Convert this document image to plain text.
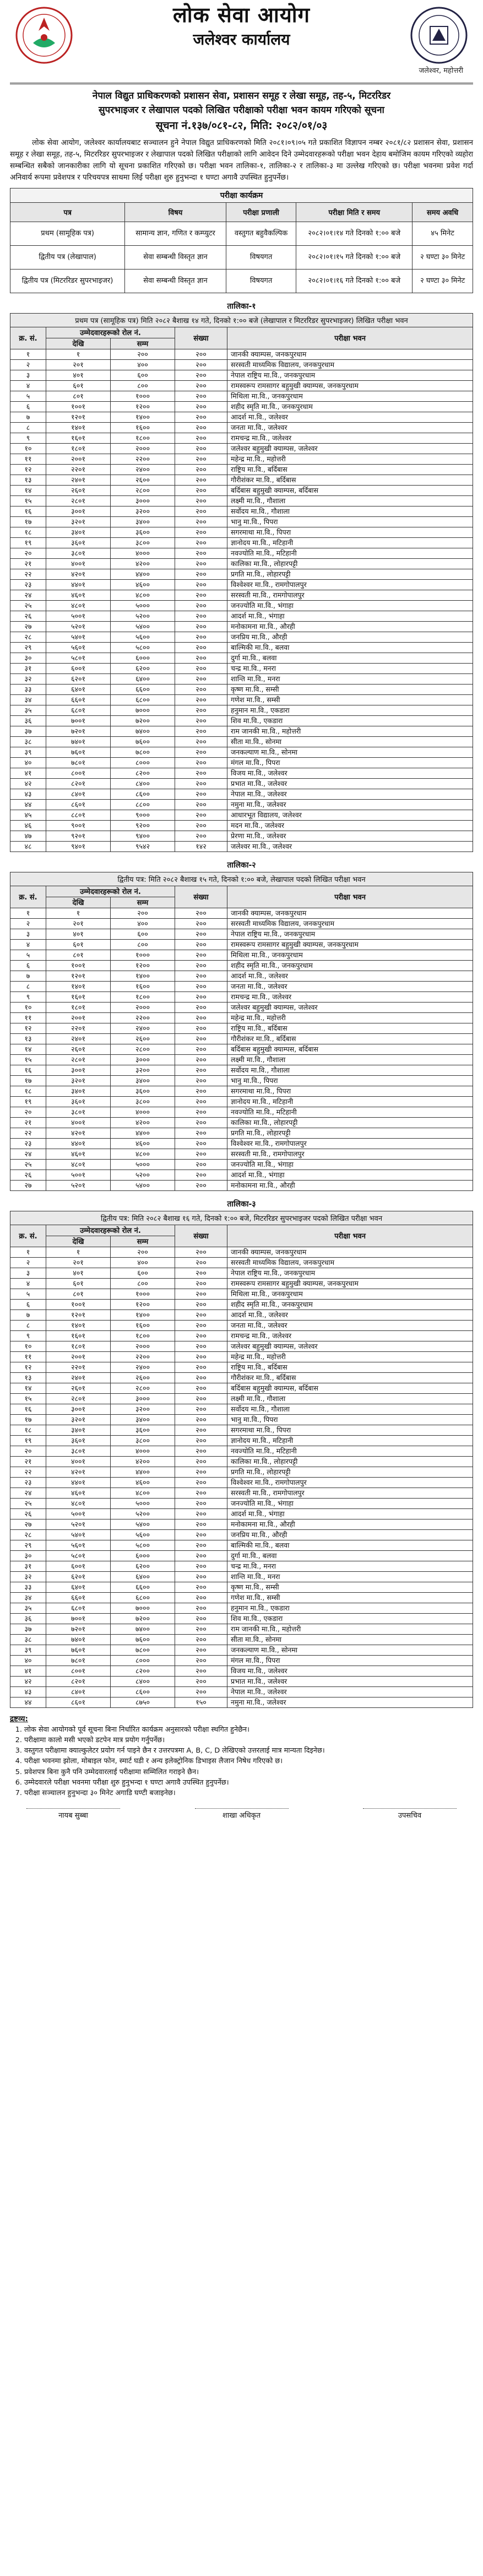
लोक सेवा आयोग
जलेश्वर कार्यालय
जलेश्वर, महोत्तरी
नेपाल विद्युत प्राधिकरणको प्रशासन सेवा, प्रशासन समूह र लेखा समूह, तह-५, मिटररिडर
सुपरभाइजर र लेखापाल पदको लिखित परीक्षाको परीक्षा भवन कायम गरिएको सूचना
सूचना नं.१३७/०८१-८२, मिति: २०८२/०१/०३

लोक सेवा आयोग, जलेश्वर कार्यालयबाट सञ्चालन हुने नेपाल विद्युत प्राधिकरणको मिति २०८१।०९।०५ गते प्रकाशित विज्ञापन नम्बर २०८१/८२ प्रशासन सेवा, प्रशासन समूह र लेखा समूह, तह-५, मिटररिडर सुपरभाइजर र लेखापाल पदको लिखित परीक्षाको लागि आवेदन दिने उम्मेदवारहरूको परीक्षा भवन देहाय बमोजिम कायम गरिएको व्यहोरा सम्बन्धित सबैको जानकारीका लागि यो सूचना प्रकाशित गरिएको छ। परीक्षा भवन तालिका-१, तालिका-२ र तालिका-३ मा उल्लेख गरिएको छ। परीक्षा भवनमा प्रवेश गर्दा अनिवार्य रूपमा प्रवेशपत्र र परिचयपत्र साथमा लिई परीक्षा शुरु हुनुभन्दा १ घण्टा अगावै उपस्थित हुनुपर्नेछ।

परीक्षा कार्यक्रम
पत्र	विषय	परीक्षा प्रणाली	परीक्षा मिति र समय	समय अवधि
प्रथम (सामूहिक पत्र)	सामान्य ज्ञान, गणित र कम्प्युटर	वस्तुगत बहुवैकल्पिक	२०८२।०१।१४ गते दिनको १:०० बजे	४५ मिनेट
द्वितीय पत्र (लेखापाल)	सेवा सम्बन्धी विस्तृत ज्ञान	विषयगत	२०८२।०१।१५ गते दिनको १:०० बजे	२ घण्टा ३० मिनेट
द्वितीय पत्र (मिटररिडर सुपरभाइजर)	सेवा सम्बन्धी विस्तृत ज्ञान	विषयगत	२०८२।०१।१६ गते दिनको १:०० बजे	२ घण्टा ३० मिनेट
तालिका-१
प्रथम पत्र (सामूहिक पत्र) मिति २०८२ बैशाख १४ गते, दिनको १:०० बजे (लेखापाल र मिटररिडर सुपरभाइजर) लिखित परीक्षा भवन
क्र. सं.	उम्मेदवारहरूको रोल नं.		संख्या	परीक्षा भवन
	देखि	सम्म		
१	१	२००	२००	जानकी क्याम्पस, जनकपुरधाम
२	२०१	४००	२००	सरस्वती माध्यमिक विद्यालय, जनकपुरधाम
३	४०१	६००	२००	नेपाल राष्ट्रिय मा.वि., जनकपुरधाम
४	६०१	८००	२००	रामस्वरूप रामसागर बहुमुखी क्याम्पस, जनकपुरधाम
५	८०१	१०००	२००	मिथिला मा.वि., जनकपुरधाम
६	१००१	१२००	२००	शहीद स्मृति मा.वि., जनकपुरधाम
७	१२०१	१४००	२००	आदर्श मा.वि., जलेश्वर
८	१४०१	१६००	२००	जनता मा.वि., जलेश्वर
९	१६०१	१८००	२००	रामचन्द्र मा.वि., जलेश्वर
१०	१८०१	२०००	२००	जलेश्वर बहुमुखी क्याम्पस, जलेश्वर
११	२००१	२२००	२००	महेन्द्र मा.वि., महोत्तरी
१२	२२०१	२४००	२००	राष्ट्रिय मा.वि., बर्दिबास
१३	२४०१	२६००	२००	गौरीशंकर मा.वि., बर्दिबास
१४	२६०१	२८००	२००	बर्दिबास बहुमुखी क्याम्पस, बर्दिबास
१५	२८०१	३०००	२००	लक्ष्मी मा.वि., गौशाला
१६	३००१	३२००	२००	सर्वोदय मा.वि., गौशाला
१७	३२०१	३४००	२००	भानु मा.वि., पिपरा
१८	३४०१	३६००	२००	सगरमाथा मा.वि., पिपरा
१९	३६०१	३८००	२००	ज्ञानोदय मा.वि., मटिहानी
२०	३८०१	४०००	२००	नवज्योति मा.वि., मटिहानी
२१	४००१	४२००	२००	कालिका मा.वि., लोहारपट्टी
२२	४२०१	४४००	२००	प्रगति मा.वि., लोहारपट्टी
२३	४४०१	४६००	२००	विश्वेश्वर मा.वि., रामगोपालपुर
२४	४६०१	४८००	२००	सरस्वती मा.वि., रामगोपालपुर
२५	४८०१	५०००	२००	जनज्योति मा.वि., भंगाहा
२६	५००१	५२००	२००	आदर्श मा.वि., भंगाहा
२७	५२०१	५४००	२००	मनोकामना मा.वि., औरही
२८	५४०१	५६००	२००	जनप्रिय मा.वि., औरही
२९	५६०१	५८००	२००	बाल्मिकी मा.वि., बलवा
३०	५८०१	६०००	२००	दुर्गा मा.वि., बलवा
३१	६००१	६२००	२००	चन्द्र मा.वि., मनरा
३२	६२०१	६४००	२००	शान्ति मा.वि., मनरा
३३	६४०१	६६००	२००	कृष्ण मा.वि., सम्सी
३४	६६०१	६८००	२००	गणेश मा.वि., सम्सी
३५	६८०१	७०००	२००	हनुमान मा.वि., एकडारा
३६	७००१	७२००	२००	शिव मा.वि., एकडारा
३७	७२०१	७४००	२००	राम जानकी मा.वि., महोत्तरी
३८	७४०१	७६००	२००	सीता मा.वि., सोनमा
३९	७६०१	७८००	२००	जनकल्याण मा.वि., सोनमा
४०	७८०१	८०००	२००	मंगल मा.वि., पिपरा
४१	८००१	८२००	२००	विजय मा.वि., जलेश्वर
४२	८२०१	८४००	२००	प्रभात मा.वि., जलेश्वर
४३	८४०१	८६००	२००	नेपाल मा.वि., जलेश्वर
४४	८६०१	८८००	२००	नमुना मा.वि., जलेश्वर
४५	८८०१	९०००	२००	आधारभूत विद्यालय, जलेश्वर
४६	९००१	९२००	२००	मदन मा.वि., जलेश्वर
४७	९२०१	९४००	२००	प्रेरणा मा.वि., जलेश्वर
४८	९४०१	९५४२	१४२	जलेश्वर मा.वि., जलेश्वर
तालिका-२
द्वितीय पत्र: मिति २०८२ बैशाख १५ गते, दिनको १:०० बजे, लेखापाल पदको लिखित परीक्षा भवन
क्र. सं.	उम्मेदवारहरूको रोल नं.		संख्या	परीक्षा भवन
	देखि	सम्म		
१	१	२००	२००	जानकी क्याम्पस, जनकपुरधाम
२	२०१	४००	२००	सरस्वती माध्यमिक विद्यालय, जनकपुरधाम
३	४०१	६००	२००	नेपाल राष्ट्रिय मा.वि., जनकपुरधाम
४	६०१	८००	२००	रामस्वरूप रामसागर बहुमुखी क्याम्पस, जनकपुरधाम
५	८०१	१०००	२००	मिथिला मा.वि., जनकपुरधाम
६	१००१	१२००	२००	शहीद स्मृति मा.वि., जनकपुरधाम
७	१२०१	१४००	२००	आदर्श मा.वि., जलेश्वर
८	१४०१	१६००	२००	जनता मा.वि., जलेश्वर
९	१६०१	१८००	२००	रामचन्द्र मा.वि., जलेश्वर
१०	१८०१	२०००	२००	जलेश्वर बहुमुखी क्याम्पस, जलेश्वर
११	२००१	२२००	२००	महेन्द्र मा.वि., महोत्तरी
१२	२२०१	२४००	२००	राष्ट्रिय मा.वि., बर्दिबास
१३	२४०१	२६००	२००	गौरीशंकर मा.वि., बर्दिबास
१४	२६०१	२८००	२००	बर्दिबास बहुमुखी क्याम्पस, बर्दिबास
१५	२८०१	३०००	२००	लक्ष्मी मा.वि., गौशाला
१६	३००१	३२००	२००	सर्वोदय मा.वि., गौशाला
१७	३२०१	३४००	२००	भानु मा.वि., पिपरा
१८	३४०१	३६००	२००	सगरमाथा मा.वि., पिपरा
१९	३६०१	३८००	२००	ज्ञानोदय मा.वि., मटिहानी
२०	३८०१	४०००	२००	नवज्योति मा.वि., मटिहानी
२१	४००१	४२००	२००	कालिका मा.वि., लोहारपट्टी
२२	४२०१	४४००	२००	प्रगति मा.वि., लोहारपट्टी
२३	४४०१	४६००	२००	विश्वेश्वर मा.वि., रामगोपालपुर
२४	४६०१	४८००	२००	सरस्वती मा.वि., रामगोपालपुर
२५	४८०१	५०००	२००	जनज्योति मा.वि., भंगाहा
२६	५००१	५२००	२००	आदर्श मा.वि., भंगाहा
२७	५२०१	५४००	२००	मनोकामना मा.वि., औरही
तालिका-३
द्वितीय पत्र: मिति २०८२ बैशाख १६ गते, दिनको १:०० बजे, मिटररिडर सुपरभाइजर पदको लिखित परीक्षा भवन
क्र. सं.	उम्मेदवारहरूको रोल नं.		संख्या	परीक्षा भवन
	देखि	सम्म		
१	१	२००	२००	जानकी क्याम्पस, जनकपुरधाम
२	२०१	४००	२००	सरस्वती माध्यमिक विद्यालय, जनकपुरधाम
३	४०१	६००	२००	नेपाल राष्ट्रिय मा.वि., जनकपुरधाम
४	६०१	८००	२००	रामस्वरूप रामसागर बहुमुखी क्याम्पस, जनकपुरधाम
५	८०१	१०००	२००	मिथिला मा.वि., जनकपुरधाम
६	१००१	१२००	२००	शहीद स्मृति मा.वि., जनकपुरधाम
७	१२०१	१४००	२००	आदर्श मा.वि., जलेश्वर
८	१४०१	१६००	२००	जनता मा.वि., जलेश्वर
९	१६०१	१८००	२००	रामचन्द्र मा.वि., जलेश्वर
१०	१८०१	२०००	२००	जलेश्वर बहुमुखी क्याम्पस, जलेश्वर
११	२००१	२२००	२००	महेन्द्र मा.वि., महोत्तरी
१२	२२०१	२४००	२००	राष्ट्रिय मा.वि., बर्दिबास
१३	२४०१	२६००	२००	गौरीशंकर मा.वि., बर्दिबास
१४	२६०१	२८००	२००	बर्दिबास बहुमुखी क्याम्पस, बर्दिबास
१५	२८०१	३०००	२००	लक्ष्मी मा.वि., गौशाला
१६	३००१	३२००	२००	सर्वोदय मा.वि., गौशाला
१७	३२०१	३४००	२००	भानु मा.वि., पिपरा
१८	३४०१	३६००	२००	सगरमाथा मा.वि., पिपरा
१९	३६०१	३८००	२००	ज्ञानोदय मा.वि., मटिहानी
२०	३८०१	४०००	२००	नवज्योति मा.वि., मटिहानी
२१	४००१	४२००	२००	कालिका मा.वि., लोहारपट्टी
२२	४२०१	४४००	२००	प्रगति मा.वि., लोहारपट्टी
२३	४४०१	४६००	२००	विश्वेश्वर मा.वि., रामगोपालपुर
२४	४६०१	४८००	२००	सरस्वती मा.वि., रामगोपालपुर
२५	४८०१	५०००	२००	जनज्योति मा.वि., भंगाहा
२६	५००१	५२००	२००	आदर्श मा.वि., भंगाहा
२७	५२०१	५४००	२००	मनोकामना मा.वि., औरही
२८	५४०१	५६००	२००	जनप्रिय मा.वि., औरही
२९	५६०१	५८००	२००	बाल्मिकी मा.वि., बलवा
३०	५८०१	६०००	२००	दुर्गा मा.वि., बलवा
३१	६००१	६२००	२००	चन्द्र मा.वि., मनरा
३२	६२०१	६४००	२००	शान्ति मा.वि., मनरा
३३	६४०१	६६००	२००	कृष्ण मा.वि., सम्सी
३४	६६०१	६८००	२००	गणेश मा.वि., सम्सी
३५	६८०१	७०००	२००	हनुमान मा.वि., एकडारा
३६	७००१	७२००	२००	शिव मा.वि., एकडारा
३७	७२०१	७४००	२००	राम जानकी मा.वि., महोत्तरी
३८	७४०१	७६००	२००	सीता मा.वि., सोनमा
३९	७६०१	७८००	२००	जनकल्याण मा.वि., सोनमा
४०	७८०१	८०००	२००	मंगल मा.वि., पिपरा
४१	८००१	८२००	२००	विजय मा.वि., जलेश्वर
४२	८२०१	८४००	२००	प्रभात मा.वि., जलेश्वर
४३	८४०१	८६००	२००	नेपाल मा.वि., जलेश्वर
४४	८६०१	८७५०	१५०	नमुना मा.वि., जलेश्वर
द्रष्टव्य:
1. लोक सेवा आयोगको पूर्व सूचना बिना निर्धारित कार्यक्रम अनुसारको परीक्षा स्थगित हुनेछैन।
2. परीक्षामा कालो मसी भएको डटपेन मात्र प्रयोग गर्नुपर्नेछ।
3. वस्तुगत परीक्षामा क्याल्कुलेटर प्रयोग गर्न पाइने छैन र उत्तरपत्रमा A, B, C, D लेखिएको उत्तरलाई मात्र मान्यता दिइनेछ।
4. परीक्षा भवनमा झोला, मोबाइल फोन, स्मार्ट घडी र अन्य इलेक्ट्रोनिक डिभाइस लैजान निषेध गरिएको छ।
5. प्रवेशपत्र बिना कुनै पनि उम्मेदवारलाई परीक्षामा सम्मिलित गराइने छैन।
6. उम्मेदवारले परीक्षा भवनमा परीक्षा शुरु हुनुभन्दा १ घण्टा अगावै उपस्थित हुनुपर्नेछ।
7. परीक्षा सञ्चालन हुनुभन्दा ३० मिनेट अगाडि घण्टी बजाइनेछ।
नायब सुब्बा	शाखा अधिकृत	उपसचिव
